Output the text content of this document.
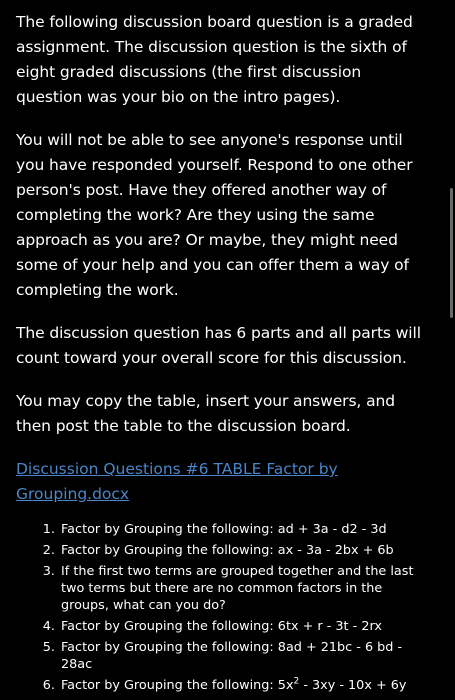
The following discussion board question is a graded assignment. The discussion question is the sixth of eight graded discussions (the first discussion question was your bio on the intro pages).

You will not be able to see anyone's response until you have responded yourself. Respond to one other person's post. Have they offered another way of completing the work? Are they using the same approach as you are? Or maybe, they might need some of your help and you can offer them a way of completing the work.

The discussion question has 6 parts and all parts will count toward your overall score for this discussion.

You may copy the table, insert your answers, and then post the table to the discussion board.

Discussion Questions #6 TABLE Factor by Grouping.docx
1. Factor by Grouping the following: ad + 3a - d2 - 3d
2. Factor by Grouping the following: ax - 3a - 2bx + 6b
3. If the first two terms are grouped together and the last two terms but there are no common factors in the groups, what can you do?
4. Factor by Grouping the following: 6tx + r - 3t - 2rx
5. Factor by Grouping the following: 8ad + 21bc - 6 bd - 28ac
6. Factor by Grouping the following: $5x^2 - 3xy - 10x + 6y$
